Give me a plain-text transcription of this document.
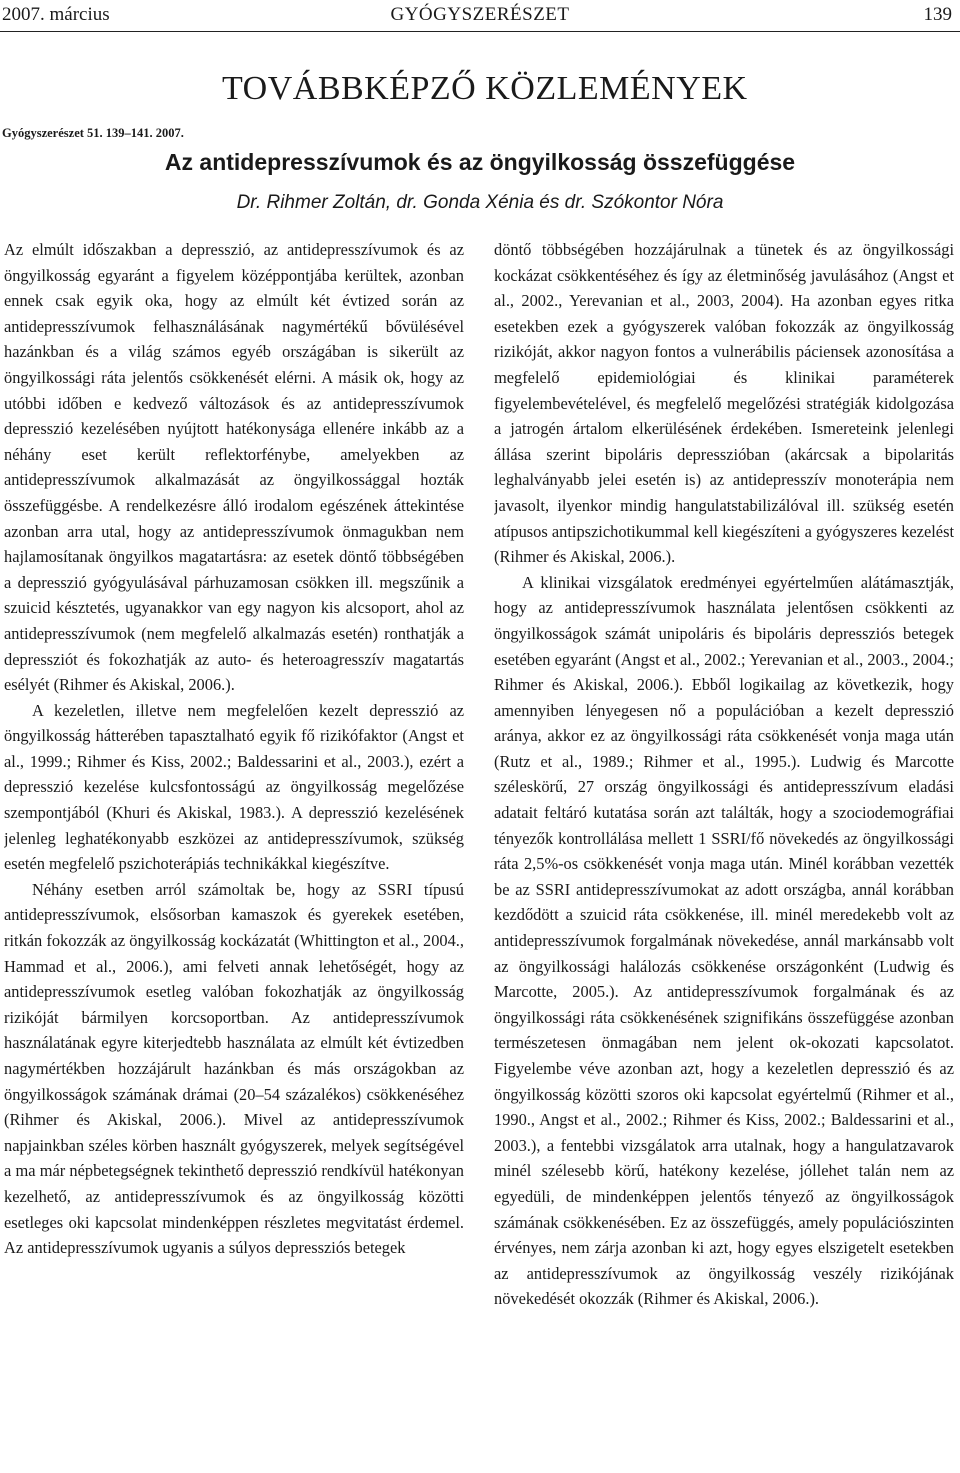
2007. március	GYÓGYSZERÉSZET	139
TOVÁBBKÉPZŐ KÖZLEMÉNYEK
Gyógyszerészet 51. 139–141. 2007.
Az antidepresszívumok és az öngyilkosság összefüggése
Dr. Rihmer Zoltán, dr. Gonda Xénia és dr. Szókontor Nóra

Az elmúlt időszakban a depresszió, az antidepresszívumok és az öngyilkosság egyaránt a figyelem középpontjába kerültek, azonban ennek csak egyik oka, hogy az elmúlt két évtized során az antidepresszívumok felhasználásának nagymértékű bővülésével hazánkban és a világ számos egyéb országában is sikerült az öngyilkossági ráta jelentős csökkenését elérni. A másik ok, hogy az utóbbi időben e kedvező változások és az antidepresszívumok depresszió kezelésében nyújtott hatékonysága ellenére inkább az a néhány eset került reflektorfénybe, amelyekben az antidepresszívumok alkalmazását az öngyilkossággal hozták összefüggésbe. A rendelkezésre álló irodalom egészének áttekintése azonban arra utal, hogy az antidepresszívumok önmagukban nem hajlamosítanak öngyilkos magatartásra: az esetek döntő többségében a depresszió gyógyulásával párhuzamosan csökken ill. megszűnik a szuicid késztetés, ugyanakkor van egy nagyon kis alcsoport, ahol az antidepresszívumok (nem megfelelő alkalmazás esetén) ronthatják a depressziót és fokozhatják az auto- és heteroagresszív magatartás esélyét (Rihmer és Akiskal, 2006.).

A kezeletlen, illetve nem megfelelően kezelt depresszió az öngyilkosság hátterében tapasztalható egyik fő rizikófaktor (Angst et al., 1999.; Rihmer és Kiss, 2002.; Baldessarini et al., 2003.), ezért a depresszió kezelése kulcsfontosságú az öngyilkosság megelőzése szempontjából (Khuri és Akiskal, 1983.). A depresszió kezelésének jelenleg leghatékonyabb eszközei az antidepresszívumok, szükség esetén megfelelő pszichoterápiás technikákkal kiegészítve.

Néhány esetben arról számoltak be, hogy az SSRI típusú antidepresszívumok, elsősorban kamaszok és gyerekek esetében, ritkán fokozzák az öngyilkosság kockázatát (Whittington et al., 2004., Hammad et al., 2006.), ami felveti annak lehetőségét, hogy az antidepresszívumok esetleg valóban fokozhatják az öngyilkosság rizikóját bármilyen korcsoportban. Az antidepresszívumok használatának egyre kiterjedtebb használata az elmúlt két évtizedben nagymértékben hozzájárult hazánkban és más országokban az öngyilkosságok számának drámai (20–54 százalékos) csökkenéséhez (Rihmer és Akiskal, 2006.). Mivel az antidepresszívumok napjainkban széles körben használt gyógyszerek, melyek segítségével a ma már népbetegségnek tekinthető depresszió rendkívül hatékonyan kezelhető, az antidepresszívumok és az öngyilkosság közötti esetleges oki kapcsolat mindenképpen részletes megvitatást érdemel. Az antidepresszívumok ugyanis a súlyos depressziós betegek

döntő többségében hozzájárulnak a tünetek és az öngyilkossági kockázat csökkentéséhez és így az életminőség javulásához (Angst et al., 2002., Yerevanian et al., 2003, 2004). Ha azonban egyes ritka esetekben ezek a gyógyszerek valóban fokozzák az öngyilkosság rizikóját, akkor nagyon fontos a vulnerábilis páciensek azonosítása a megfelelő epidemiológiai és klinikai paraméterek figyelembevételével, és megfelelő megelőzési stratégiák kidolgozása a jatrogén ártalom elkerülésének érdekében. Ismereteink jelenlegi állása szerint bipoláris depresszióban (akárcsak a bipolaritás leghalványabb jelei esetén is) az antidepresszív monoterápia nem javasolt, ilyenkor mindig hangulatstabilizálóval ill. szükség esetén atípusos antipszichotikummal kell kiegészíteni a gyógyszeres kezelést (Rihmer és Akiskal, 2006.).

A klinikai vizsgálatok eredményei egyértelműen alátámasztják, hogy az antidepresszívumok használata jelentősen csökkenti az öngyilkosságok számát unipoláris és bipoláris depressziós betegek esetében egyaránt (Angst et al., 2002.; Yerevanian et al., 2003., 2004.; Rihmer és Akiskal, 2006.). Ebből logikailag az következik, hogy amennyiben lényegesen nő a populációban a kezelt depresszió aránya, akkor ez az öngyilkossági ráta csökkenését vonja maga után (Rutz et al., 1989.; Rihmer et al., 1995.). Ludwig és Marcotte széleskörű, 27 ország öngyilkossági és antidepresszívum eladási adatait feltáró kutatása során azt találták, hogy a szociodemográfiai tényezők kontrollálása mellett 1 SSRI/fő növekedés az öngyilkossági ráta 2,5%-os csökkenését vonja maga után. Minél korábban vezették be az SSRI antidepresszívumokat az adott országba, annál korábban kezdődött a szuicid ráta csökkenése, ill. minél meredekebb volt az antidepresszívumok forgalmának növekedése, annál markánsabb volt az öngyilkossági halálozás csökkenése országonként (Ludwig és Marcotte, 2005.). Az antidepresszívumok forgalmának és az öngyilkossági ráta csökkenésének szignifikáns összefüggése azonban természetesen önmagában nem jelent ok-okozati kapcsolatot. Figyelembe véve azonban azt, hogy a kezeletlen depresszió és az öngyilkosság közötti szoros oki kapcsolat egyértelmű (Rihmer et al., 1990., Angst et al., 2002.; Rihmer és Kiss, 2002.; Baldessarini et al., 2003.), a fentebbi vizsgálatok arra utalnak, hogy a hangulatzavarok minél szélesebb körű, hatékony kezelése, jóllehet talán nem az egyedüli, de mindenképpen jelentős tényező az öngyilkosságok számának csökkenésében. Ez az összefüggés, amely populációszinten érvényes, nem zárja azonban ki azt, hogy egyes elszigetelt esetekben az antidepresszívumok az öngyilkosság veszély rizikójának növekedését okozzák (Rihmer és Akiskal, 2006.).
